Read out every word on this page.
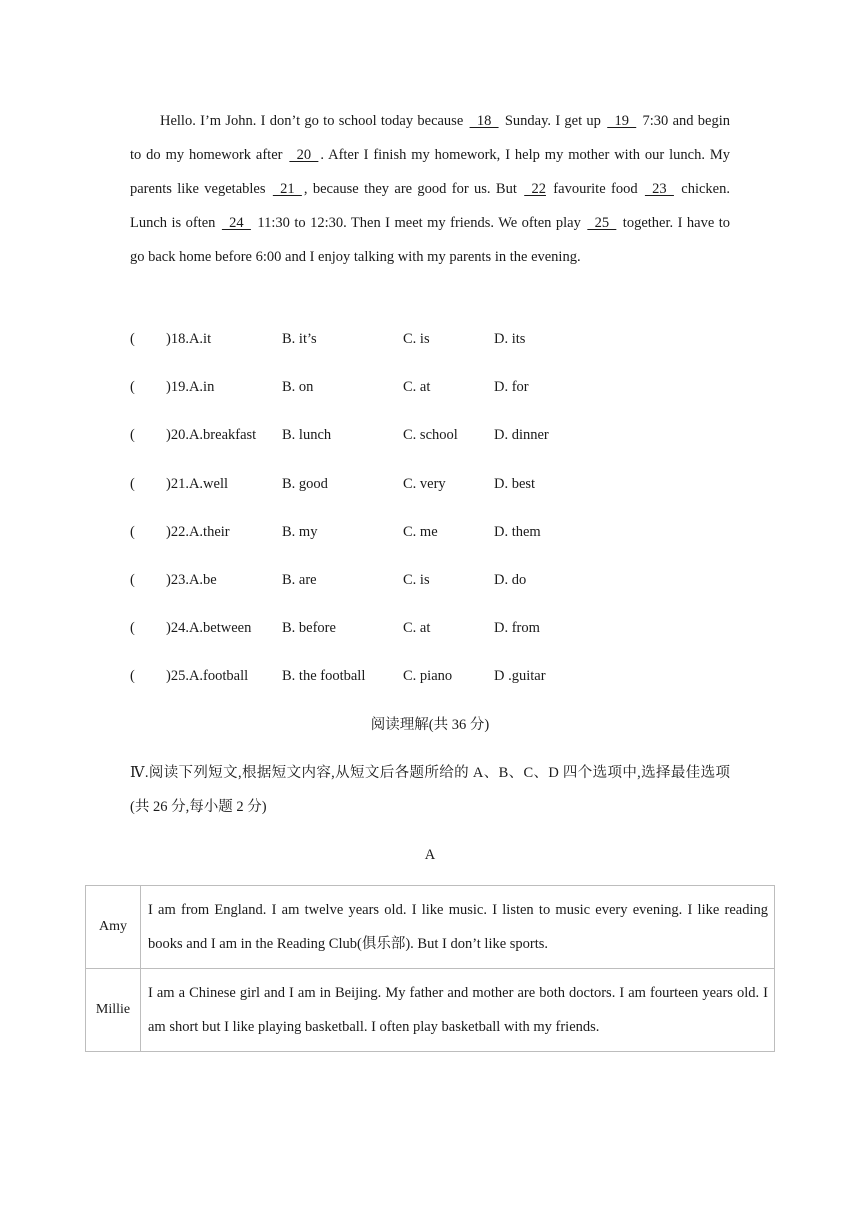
Hello. I’m John. I don’t go to school today because   18   Sunday. I get up   19   7:30 and begin to do my homework after   20  . After I finish my homework, I help my mother with our lunch. My parents like vegetables   21  , because they are good for us. But   22 favourite food   23   chicken. Lunch is often   24   11:30 to 12:30. Then I meet my friends. We often play   25   together. I have to go back home before 6:00 and I enjoy talking with my parents in the evening.

( )18.A.it	B. it’s	C. is	D. its
( )19.A.in	B. on	C. at	D. for
( )20.A.breakfast B. lunch	C. school D. dinner
( )21.A.well	B. good	C. very	D. best
( )22.A.their	B. my	C. me	D. them
( )23.A.be	B. are	C. is	D. do
( )24.A.between B. before	C. at	D. from
( )25.A.football B. the football	C. piano	D .guitar
阅读理解(共 36 分)
Ⅳ.阅读下列短文,根据短文内容,从短文后各题所给的 A、B、C、D 四个选项中,选择最佳选项(共 26 分,每小题 2 分)
A
Amy	I am from England. I am twelve years old. I like music. I listen to music every evening. I like reading books and I am in the Reading Club(俱乐部). But I don’t like sports.
Millie	I am a Chinese girl and I am in Beijing. My father and mother are both doctors. I am fourteen years old. I am short but I like playing basketball. I often play basketball with my friends.
